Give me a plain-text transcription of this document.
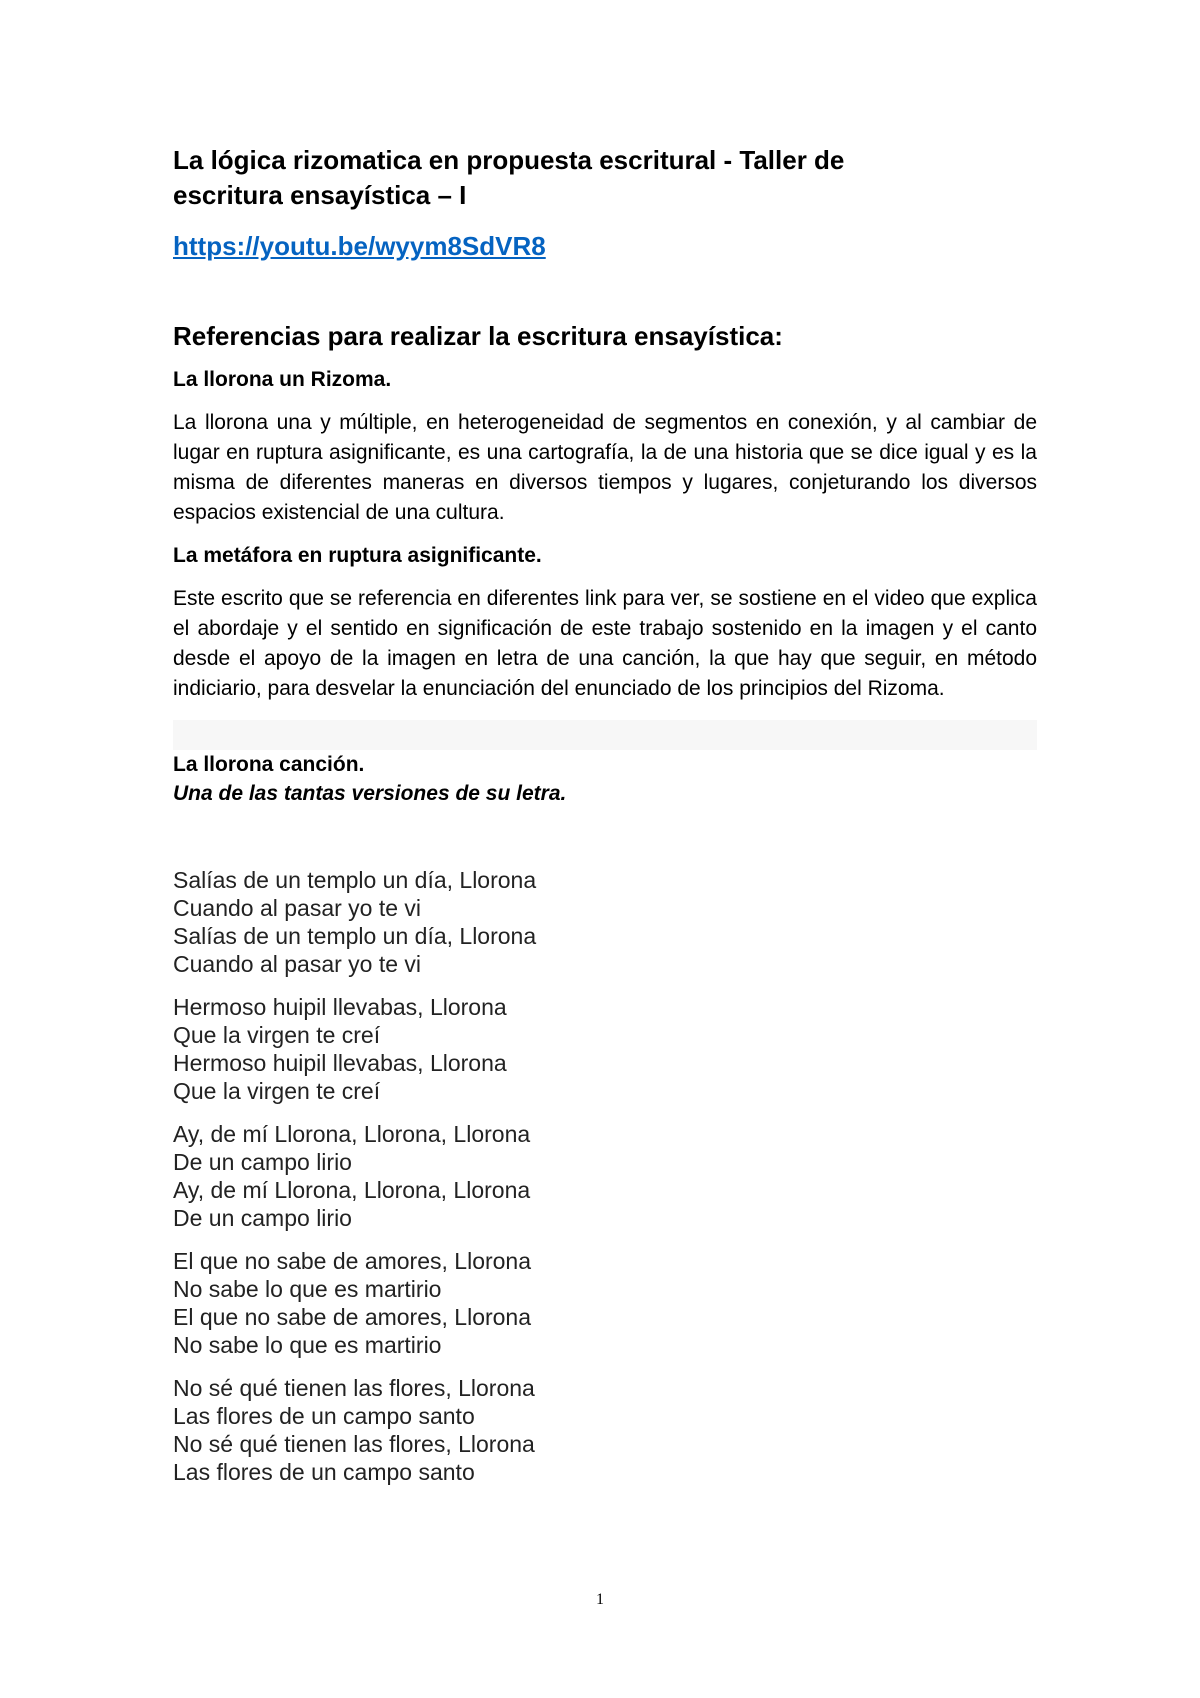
La lógica rizomatica en propuesta escritural - Taller de
escritura ensayística – I
https://youtu.be/wyym8SdVR8
Referencias para realizar la escritura ensayística:
La llorona un Rizoma.
La llorona una y múltiple, en heterogeneidad de segmentos en conexión, y al cambiar de lugar en ruptura asignificante, es una cartografía, la de una historia que se dice igual y es la misma de diferentes maneras en diversos tiempos y lugares, conjeturando los diversos espacios existencial de una cultura.
La metáfora en ruptura asignificante.
Este escrito que se referencia en diferentes link para ver, se sostiene en el video que explica el abordaje y el sentido en significación de este trabajo sostenido en la imagen y el canto desde el apoyo de la imagen en letra de una canción, la que hay que seguir, en método indiciario, para desvelar la enunciación del enunciado de los principios del Rizoma.
La llorona canción.
Una de las tantas versiones de su letra.
Salías de un templo un día, Llorona
Cuando al pasar yo te vi
Salías de un templo un día, Llorona
Cuando al pasar yo te vi
Hermoso huipil llevabas, Llorona
Que la virgen te creí
Hermoso huipil llevabas, Llorona
Que la virgen te creí
Ay, de mí Llorona, Llorona, Llorona
De un campo lirio
Ay, de mí Llorona, Llorona, Llorona
De un campo lirio
El que no sabe de amores, Llorona
No sabe lo que es martirio
El que no sabe de amores, Llorona
No sabe lo que es martirio
No sé qué tienen las flores, Llorona
Las flores de un campo santo
No sé qué tienen las flores, Llorona
Las flores de un campo santo
1
